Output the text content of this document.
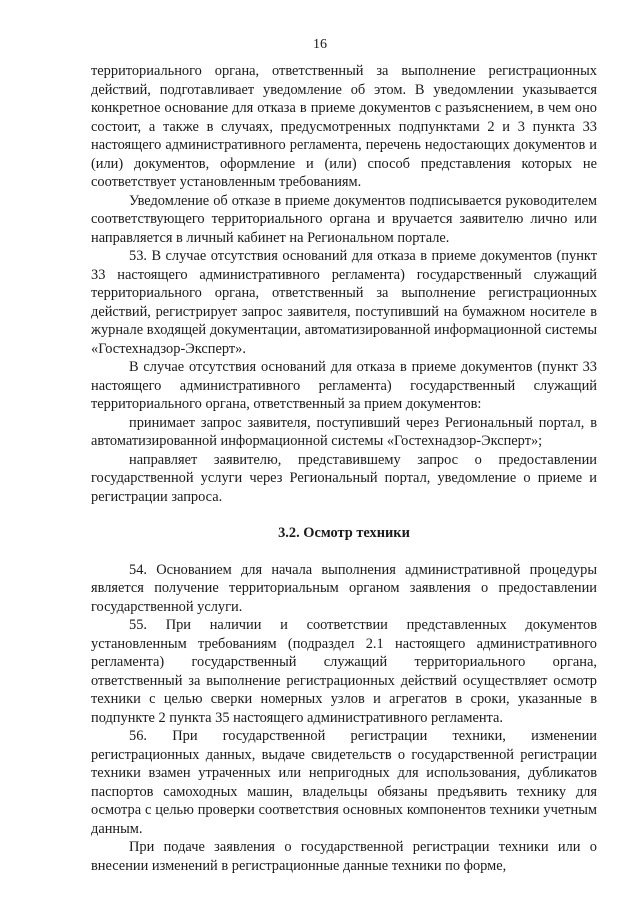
16

территориального органа, ответственный за выполнение регистрационных действий, подготавливает уведомление об этом. В уведомлении указывается конкретное основание для отказа в приеме документов с разъяснением, в чем оно состоит, а также в случаях, предусмотренных подпунктами 2 и 3 пункта 33 настоящего административного регламента, перечень недостающих документов и (или) документов, оформление и (или) способ представления которых не соответствует установленным требованиям.

Уведомление об отказе в приеме документов подписывается руководителем соответствующего территориального органа и вручается заявителю лично или направляется в личный кабинет на Региональном портале.

53. В случае отсутствия оснований для отказа в приеме документов (пункт 33 настоящего административного регламента) государственный служащий территориального органа, ответственный за выполнение регистрационных действий, регистрирует запрос заявителя, поступивший на бумажном носителе в журнале входящей документации, автоматизированной информационной системы «Гостехнадзор-Эксперт».

В случае отсутствия оснований для отказа в приеме документов (пункт 33 настоящего административного регламента) государственный служащий территориального органа, ответственный за прием документов:

принимает запрос заявителя, поступивший через Региональный портал, в автоматизированной информационной системы «Гостехнадзор-Эксперт»;

направляет заявителю, представившему запрос о предоставлении государственной услуги через Региональный портал, уведомление о приеме и регистрации запроса.

3.2. Осмотр техники

54. Основанием для начала выполнения административной процедуры является получение территориальным органом заявления о предоставлении государственной услуги.

55. При наличии и соответствии представленных документов установленным требованиям (подраздел 2.1 настоящего административного регламента) государственный служащий территориального органа, ответственный за выполнение регистрационных действий осуществляет осмотр техники с целью сверки номерных узлов и агрегатов в сроки, указанные в подпункте 2 пункта 35 настоящего административного регламента.

56. При государственной регистрации техники, изменении регистрационных данных, выдаче свидетельств о государственной регистрации техники взамен утраченных или непригодных для использования, дубликатов паспортов самоходных машин, владельцы обязаны предъявить технику для осмотра с целью проверки соответствия основных компонентов техники учетным данным.

При подаче заявления о государственной регистрации техники или о внесении изменений в регистрационные данные техники по форме,
